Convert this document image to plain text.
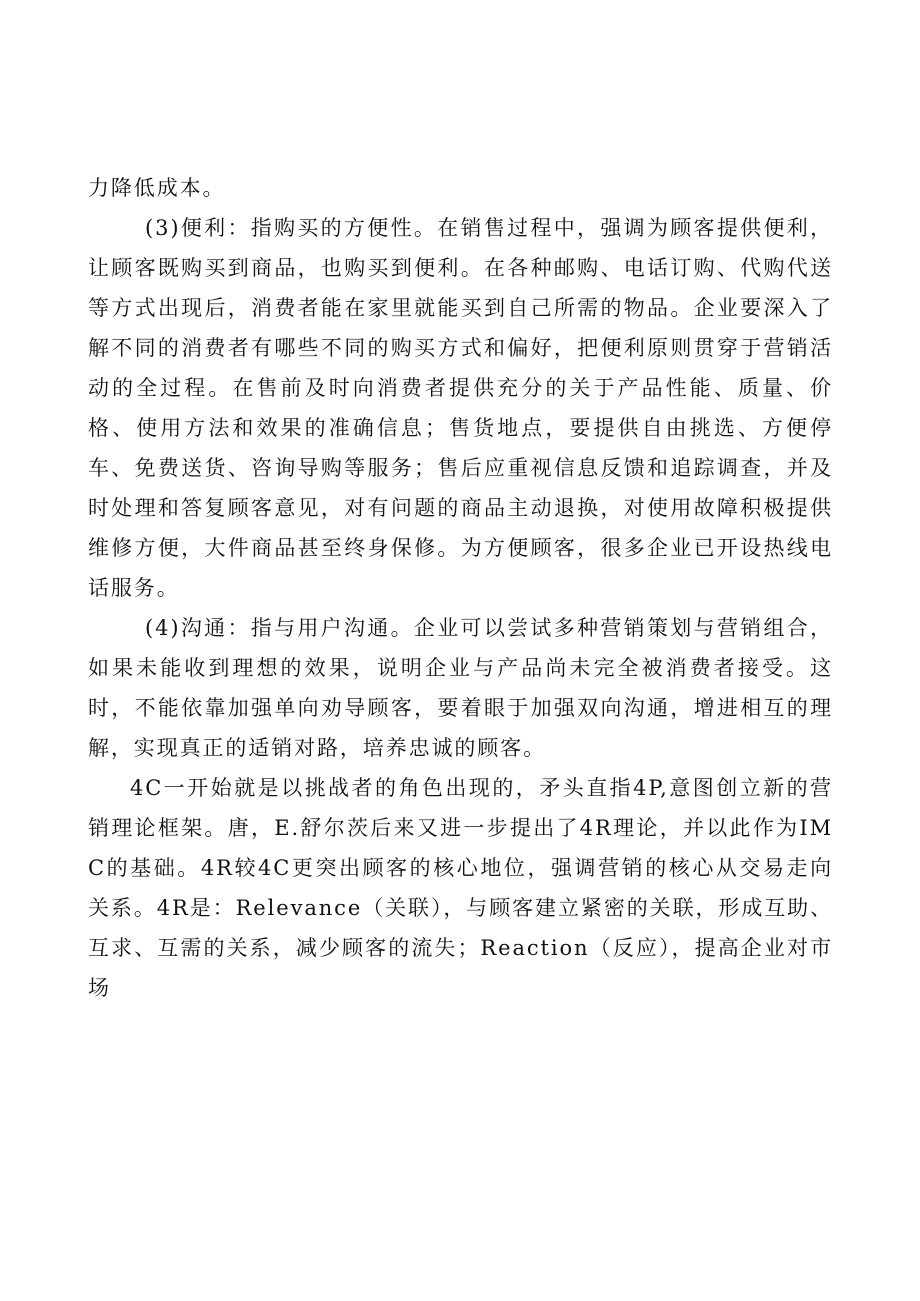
力降低成本。

(3)便利：指购买的方便性。在销售过程中，强调为顾客提供便利，让顾客既购买到商品，也购买到便利。在各种邮购、电话订购、代购代送等方式出现后，消费者能在家里就能买到自己所需的物品。企业要深入了解不同的消费者有哪些不同的购买方式和偏好，把便利原则贯穿于营销活动的全过程。在售前及时向消费者提供充分的关于产品性能、质量、价格、使用方法和效果的准确信息；售货地点，要提供自由挑选、方便停车、免费送货、咨询导购等服务；售后应重视信息反馈和追踪调查，并及时处理和答复顾客意见，对有问题的商品主动退换，对使用故障积极提供维修方便，大件商品甚至终身保修。为方便顾客，很多企业已开设热线电话服务。

(4)沟通：指与用户沟通。企业可以尝试多种营销策划与营销组合，如果未能收到理想的效果，说明企业与产品尚未完全被消费者接受。这时，不能依靠加强单向劝导顾客，要着眼于加强双向沟通，增进相互的理解，实现真正的适销对路，培养忠诚的顾客。

4C一开始就是以挑战者的角色出现的，矛头直指4P,意图创立新的营销理论框架。唐，E.舒尔茨后来又进一步提出了4R理论，并以此作为IMC的基础。4R较4C更突出顾客的核心地位，强调营销的核心从交易走向关系。4R是：Relevance（关联），与顾客建立紧密的关联，形成互助、互求、互需的关系，减少顾客的流失；Reaction（反应），提高企业对市场
